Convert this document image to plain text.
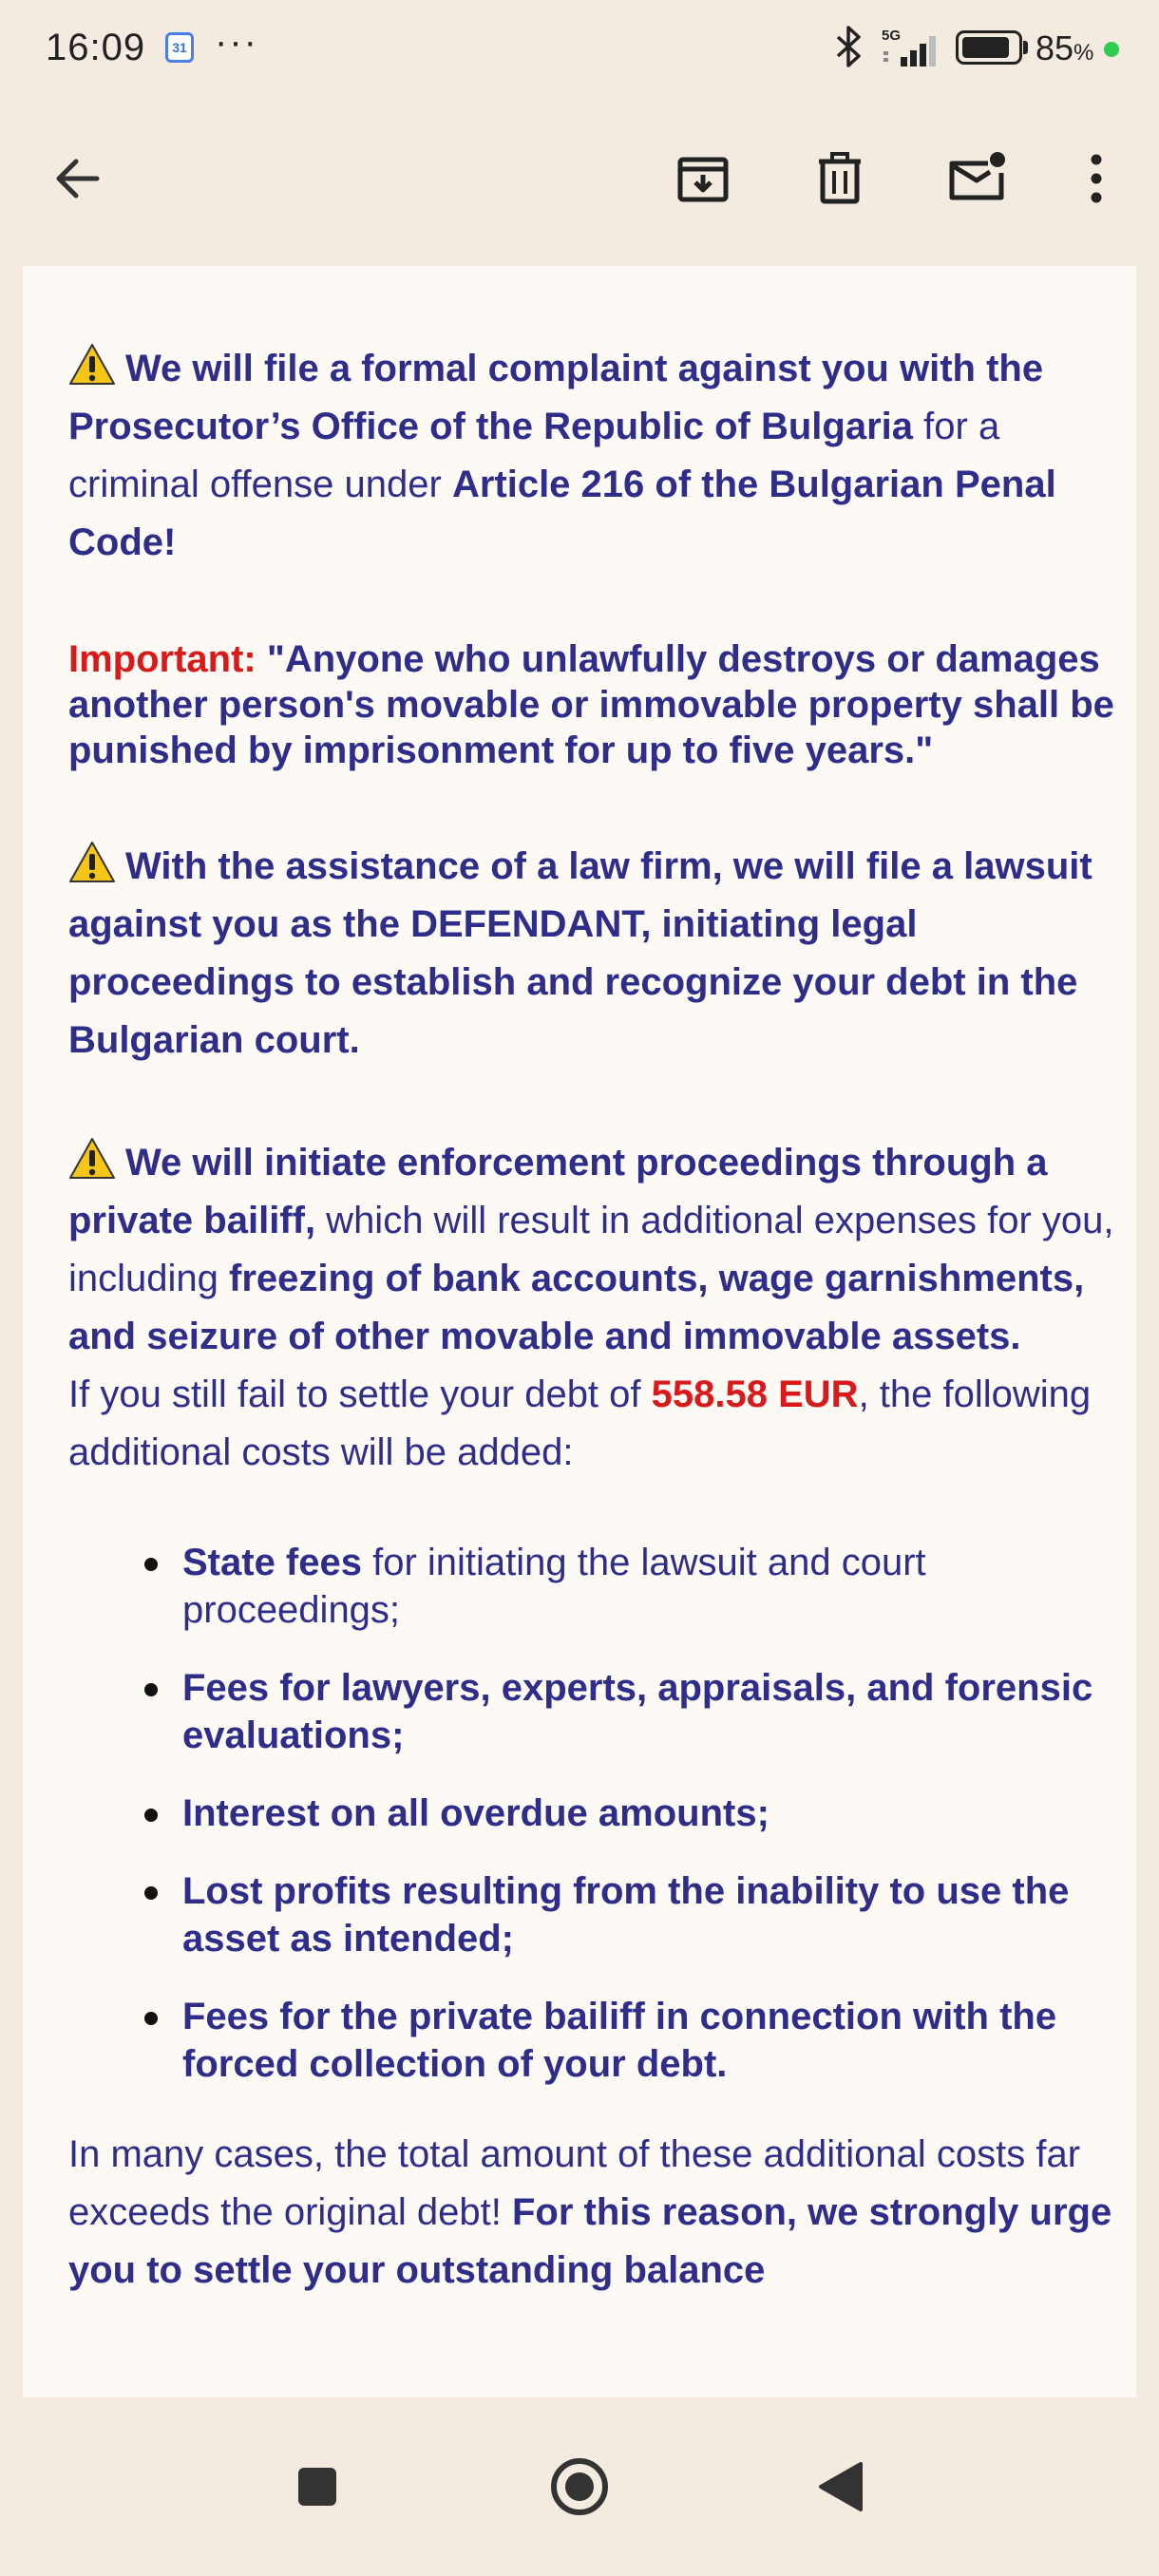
16:09	31 ···	5G	85%
We will file a formal complaint against you with the Prosecutor’s Office of the Republic of Bulgaria for a criminal offense under Article 216 of the Bulgarian Penal Code!
Important: "Anyone who unlawfully destroys or damages another person's movable or immovable property shall be punished by imprisonment for up to five years."
With the assistance of a law firm, we will file a lawsuit against you as the DEFENDANT, initiating legal proceedings to establish and recognize your debt in the Bulgarian court.
We will initiate enforcement proceedings through a private bailiff, which will result in additional expenses for you, including freezing of bank accounts, wage garnishments, and seizure of other movable and immovable assets.
If you still fail to settle your debt of 558.58 EUR, the following additional costs will be added:
State fees for initiating the lawsuit and court proceedings;
Fees for lawyers, experts, appraisals, and forensic evaluations;
Interest on all overdue amounts;
Lost profits resulting from the inability to use the asset as intended;
Fees for the private bailiff in connection with the forced collection of your debt.
In many cases, the total amount of these additional costs far exceeds the original debt! For this reason, we strongly urge you to settle your outstanding balance
